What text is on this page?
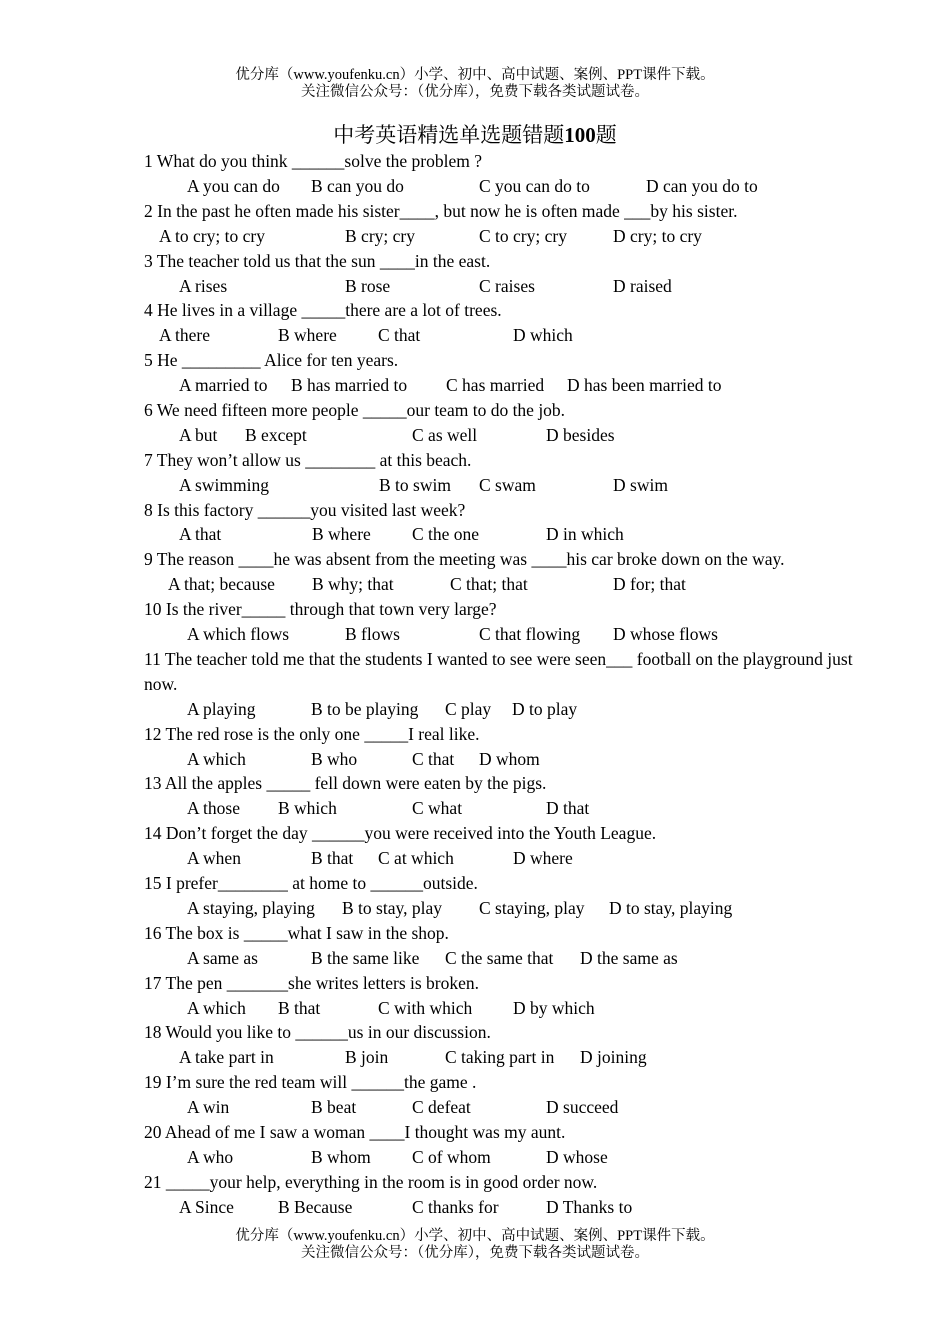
优分库（www.youfenku.cn）小学、初中、高中试题、案例、PPT课件下载。
关注微信公众号：（优分库），免费下载各类试题试卷。
中考英语精选单选题错题100题
1 What do you think ______solve the problem ?
A you can do B can you do	C you can do to	D can you do to
2 In the past he often made his sister____, but now he is often made ___by his sister.
A to cry; to cry	B cry; cry	C to cry; cry	D cry; to cry
3 The teacher told us that the sun ____in the east.
A rises	B rose	C raises	D raised
4 He lives in a village _____there are a lot of trees.
A there	B where C that	D which
5 He _________ Alice for ten years.
A married to B has married to C has married D has been married to
6 We need fifteen more people _____our team to do the job.
A but B except	C as well	D besides
7 They won’t allow us ________ at this beach.
A swimming	B to swim C swam	D swim
8 Is this factory ______you visited last week?
A that	B where C the one	D in which
9 The reason ____he was absent from the meeting was ____his car broke down on the way.
A that; because B why; that	C that; that	D for; that
10 Is the river_____ through that town very large?
A which flows	B flows	C that flowing D whose flows
11 The teacher told me that the students I wanted to see were seen___ football on the playground just now.
A playing	B to be playing C play D to play
12 The red rose is the only one _____I real like.
A which	B who	C that D whom
13 All the apples _____ fell down were eaten by the pigs.
A those B which	C what	D that
14 Don’t forget the day ______you were received into the Youth League.
A when	B that C at which	D where
15 I prefer________ at home to ______outside.
A staying, playing B to stay, play C staying, play D to stay, playing
16 The box is _____what I saw in the shop.
A same as	B the same like C the same that D the same as
17 The pen _______she writes letters is broken.
A which B that	C with which D by which
18 Would you like to ______us in our discussion.
A take part in	B join	C taking part in D joining
19 I’m sure the red team will ______the game .
A win	B beat	C defeat	D succeed
20 Ahead of me I saw a woman ____I thought was my aunt.
A who	B whom C of whom	D whose
21 _____your help, everything in the room is in good order now.
A Since	B Because	C thanks for	D Thanks to
优分库（www.youfenku.cn）小学、初中、高中试题、案例、PPT课件下载。
关注微信公众号：（优分库），免费下载各类试题试卷。
